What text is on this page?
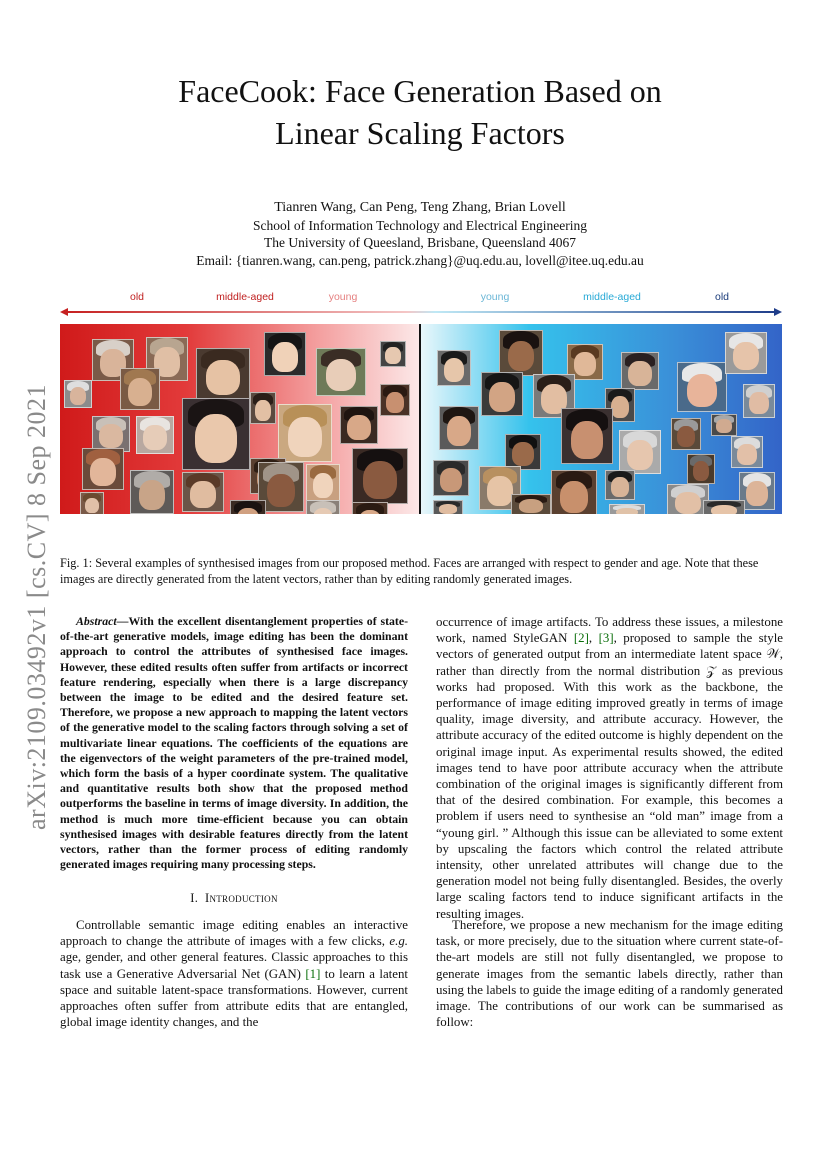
arXiv:2109.03492v1 [cs.CV] 8 Sep 2021
FaceCook: Face Generation Based on
Linear Scaling Factors
Tianren Wang, Can Peng, Teng Zhang, Brian Lovell
School of Information Technology and Electrical Engineering
The University of Queesland, Brisbane, Queensland 4067
Email: {tianren.wang, can.peng, patrick.zhang}@uq.edu.au, lovell@itee.uq.edu.au
old	middle-aged	young	young	middle-aged	old
Fig. 1: Several examples of synthesised images from our proposed method. Faces are arranged with respect to gender and age. Note that these images are directly generated from the latent vectors, rather than by editing randomly generated images.

Abstract—With the excellent disentanglement properties of state-of-the-art generative models, image editing has been the dominant approach to control the attributes of synthesised face images. However, these edited results often suffer from artifacts or incorrect feature rendering, especially when there is a large discrepancy between the image to be edited and the desired feature set. Therefore, we propose a new approach to mapping the latent vectors of the generative model to the scaling factors through solving a set of multivariate linear equations. The coefficients of the equations are the eigenvectors of the weight parameters of the pre-trained model, which form the basis of a hyper coordinate system. The qualitative and quantitative results both show that the proposed method outperforms the baseline in terms of image diversity. In addition, the method is much more time-efficient because you can obtain synthesised images with desirable features directly from the latent vectors, rather than the former process of editing randomly generated images requiring many processing steps.

I. Introduction

Controllable semantic image editing enables an interactive approach to change the attribute of images with a few clicks, e.g. age, gender, and other general features. Classic approaches to this task use a Generative Adversarial Net (GAN) [1] to learn a latent space and suitable latent-space transformations. However, current approaches often suffer from attribute edits that are entangled, global image identity changes, and the

occurrence of image artifacts. To address these issues, a milestone work, named StyleGAN [2], [3], proposed to sample the style vectors of generated output from an intermediate latent space 𝒲, rather than directly from the normal distribution 𝒵 as previous works had proposed. With this work as the backbone, the performance of image editing improved greatly in terms of image quality, image diversity, and attribute accuracy. However, the attribute accuracy of the edited outcome is highly dependent on the original image input. As experimental results showed, the edited images tend to have poor attribute accuracy when the attribute combination of the original images is significantly different from that of the desired combination. For example, this becomes a problem if users need to synthesise an “old man” image from a “young girl. ” Although this issue can be alleviated to some extent by upscaling the factors which control the related attribute intensity, other unrelated attributes will change due to the generation model not being fully disentangled. Besides, the overly large scaling factors tend to induce significant artifacts in the resulting images.

Therefore, we propose a new mechanism for the image editing task, or more precisely, due to the situation where current state-of-the-art models are still not fully disentangled, we propose to generate images from the semantic labels directly, rather than using the labels to guide the image editing of a randomly generated image. The contributions of our work can be summarised as follow:
